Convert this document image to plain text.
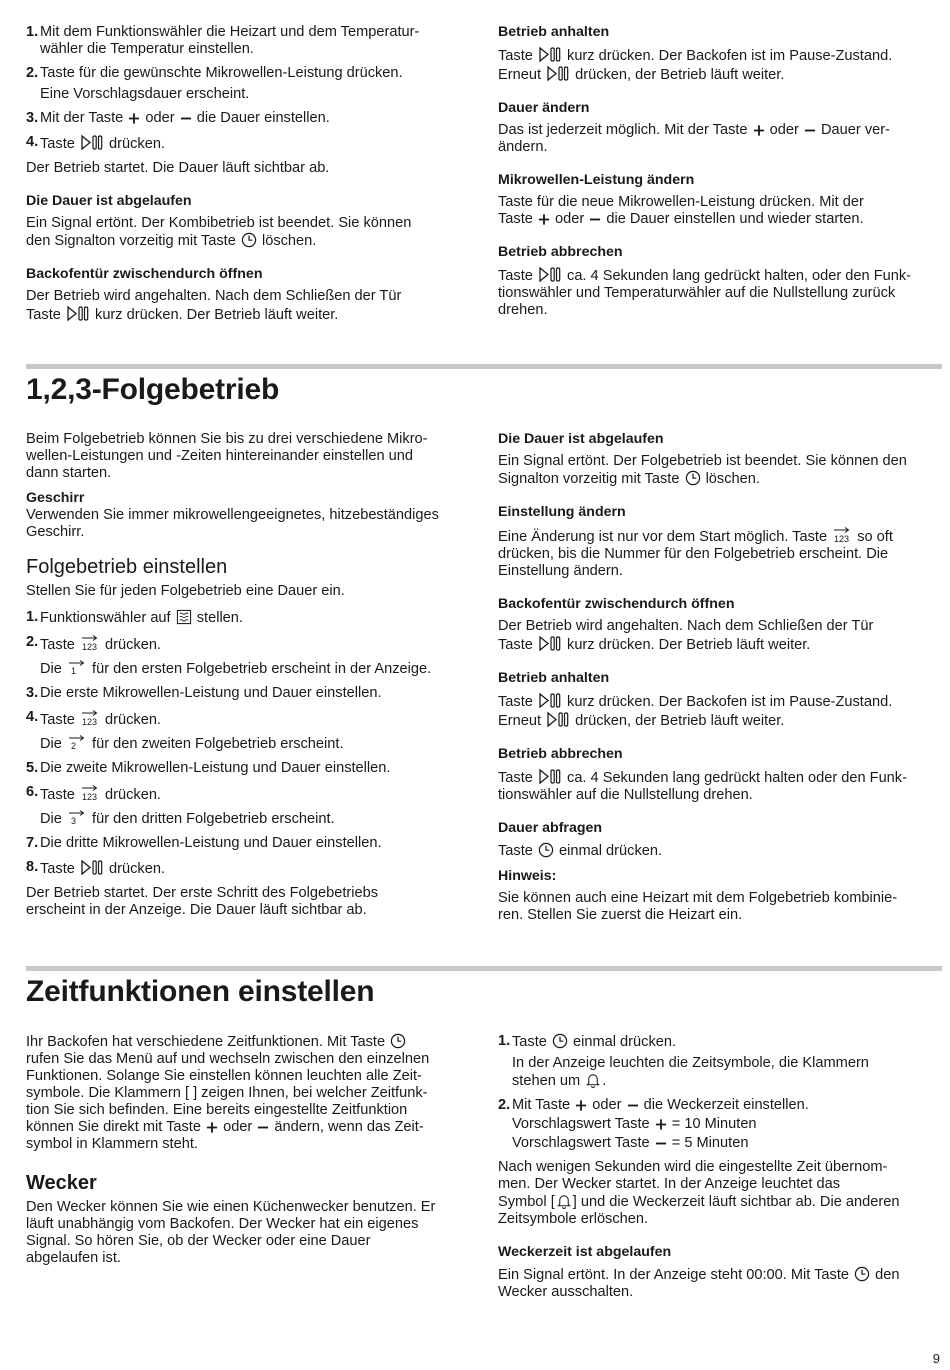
1. Mit dem Funktionswähler die Heizart und dem Temperatur-
wähler die Temperatur einstellen.
2. Taste für die gewünschte Mikrowellen-Leistung drücken.
Eine Vorschlagsdauer erscheint.
3. Mit der Taste oder die Dauer einstellen.
4. Taste drücken.
Der Betrieb startet. Die Dauer läuft sichtbar ab.
Die Dauer ist abgelaufen
Ein Signal ertönt. Der Kombibetrieb ist beendet. Sie können
den Signalton vorzeitig mit Taste löschen.
Backofentür zwischendurch öffnen
Der Betrieb wird angehalten. Nach dem Schließen der Tür
Taste kurz drücken. Der Betrieb läuft weiter.
Betrieb anhalten
Taste kurz drücken. Der Backofen ist im Pause-Zustand.
Erneut drücken, der Betrieb läuft weiter.
Dauer ändern
Das ist jederzeit möglich. Mit der Taste oder Dauer ver-
ändern.
Mikrowellen-Leistung ändern
Taste für die neue Mikrowellen-Leistung drücken. Mit der
Taste oder die Dauer einstellen und wieder starten.
Betrieb abbrechen
Taste ca. 4 Sekunden lang gedrückt halten, oder den Funk-
tionswähler und Temperaturwähler auf die Nullstellung zurück
drehen.
1,2,3-Folgebetrieb
Beim Folgebetrieb können Sie bis zu drei verschiedene Mikro-
wellen-Leistungen und -Zeiten hintereinander einstellen und
dann starten.
Geschirr
Verwenden Sie immer mikrowellengeeignetes, hitzebeständiges
Geschirr.
Folgebetrieb einstellen
Stellen Sie für jeden Folgebetrieb eine Dauer ein.
1. Funktionswähler auf stellen.
2. Taste drücken.
Die 1 für den ersten Folgebetrieb erscheint in der Anzeige.
3. Die erste Mikrowellen-Leistung und Dauer einstellen.
4. Taste drücken.
Die 2 für den zweiten Folgebetrieb erscheint.
5. Die zweite Mikrowellen-Leistung und Dauer einstellen.
6. Taste drücken.
Die 3 für den dritten Folgebetrieb erscheint.
7. Die dritte Mikrowellen-Leistung und Dauer einstellen.
8. Taste drücken.
Der Betrieb startet. Der erste Schritt des Folgebetriebs
erscheint in der Anzeige. Die Dauer läuft sichtbar ab.
Die Dauer ist abgelaufen
Ein Signal ertönt. Der Folgebetrieb ist beendet. Sie können den
Signalton vorzeitig mit Taste löschen.
Einstellung ändern
Eine Änderung ist nur vor dem Start möglich. Taste so oft
drücken, bis die Nummer für den Folgebetrieb erscheint. Die
Einstellung ändern.
Backofentür zwischendurch öffnen
Der Betrieb wird angehalten. Nach dem Schließen der Tür
Taste kurz drücken. Der Betrieb läuft weiter.
Betrieb anhalten
Taste kurz drücken. Der Backofen ist im Pause-Zustand.
Erneut drücken, der Betrieb läuft weiter.
Betrieb abbrechen
Taste ca. 4 Sekunden lang gedrückt halten oder den Funk-
tionswähler auf die Nullstellung drehen.
Dauer abfragen
Taste einmal drücken.
Hinweis:
Sie können auch eine Heizart mit dem Folgebetrieb kombinie-
ren. Stellen Sie zuerst die Heizart ein.
Zeitfunktionen einstellen
Ihr Backofen hat verschiedene Zeitfunktionen. Mit Taste
rufen Sie das Menü auf und wechseln zwischen den einzelnen
Funktionen. Solange Sie einstellen können leuchten alle Zeit-
symbole. Die Klammern [ ] zeigen Ihnen, bei welcher Zeitfunk-
tion Sie sich befinden. Eine bereits eingestellte Zeitfunktion
können Sie direkt mit Taste oder ändern, wenn das Zeit-
symbol in Klammern steht.
Wecker
Den Wecker können Sie wie einen Küchenwecker benutzen. Er
läuft unabhängig vom Backofen. Der Wecker hat ein eigenes
Signal. So hören Sie, ob der Wecker oder eine Dauer
abgelaufen ist.
1. Taste einmal drücken.
In der Anzeige leuchten die Zeitsymbole, die Klammern
stehen um .
2. Mit Taste oder die Weckerzeit einstellen.
Vorschlagswert Taste = 10 Minuten
Vorschlagswert Taste = 5 Minuten
Nach wenigen Sekunden wird die eingestellte Zeit übernom-
men. Der Wecker startet. In der Anzeige leuchtet das
Symbol [ ] und die Weckerzeit läuft sichtbar ab. Die anderen
Zeitsymbole erlöschen.
Weckerzeit ist abgelaufen
Ein Signal ertönt. In der Anzeige steht 00:00. Mit Taste den
Wecker ausschalten.
9
